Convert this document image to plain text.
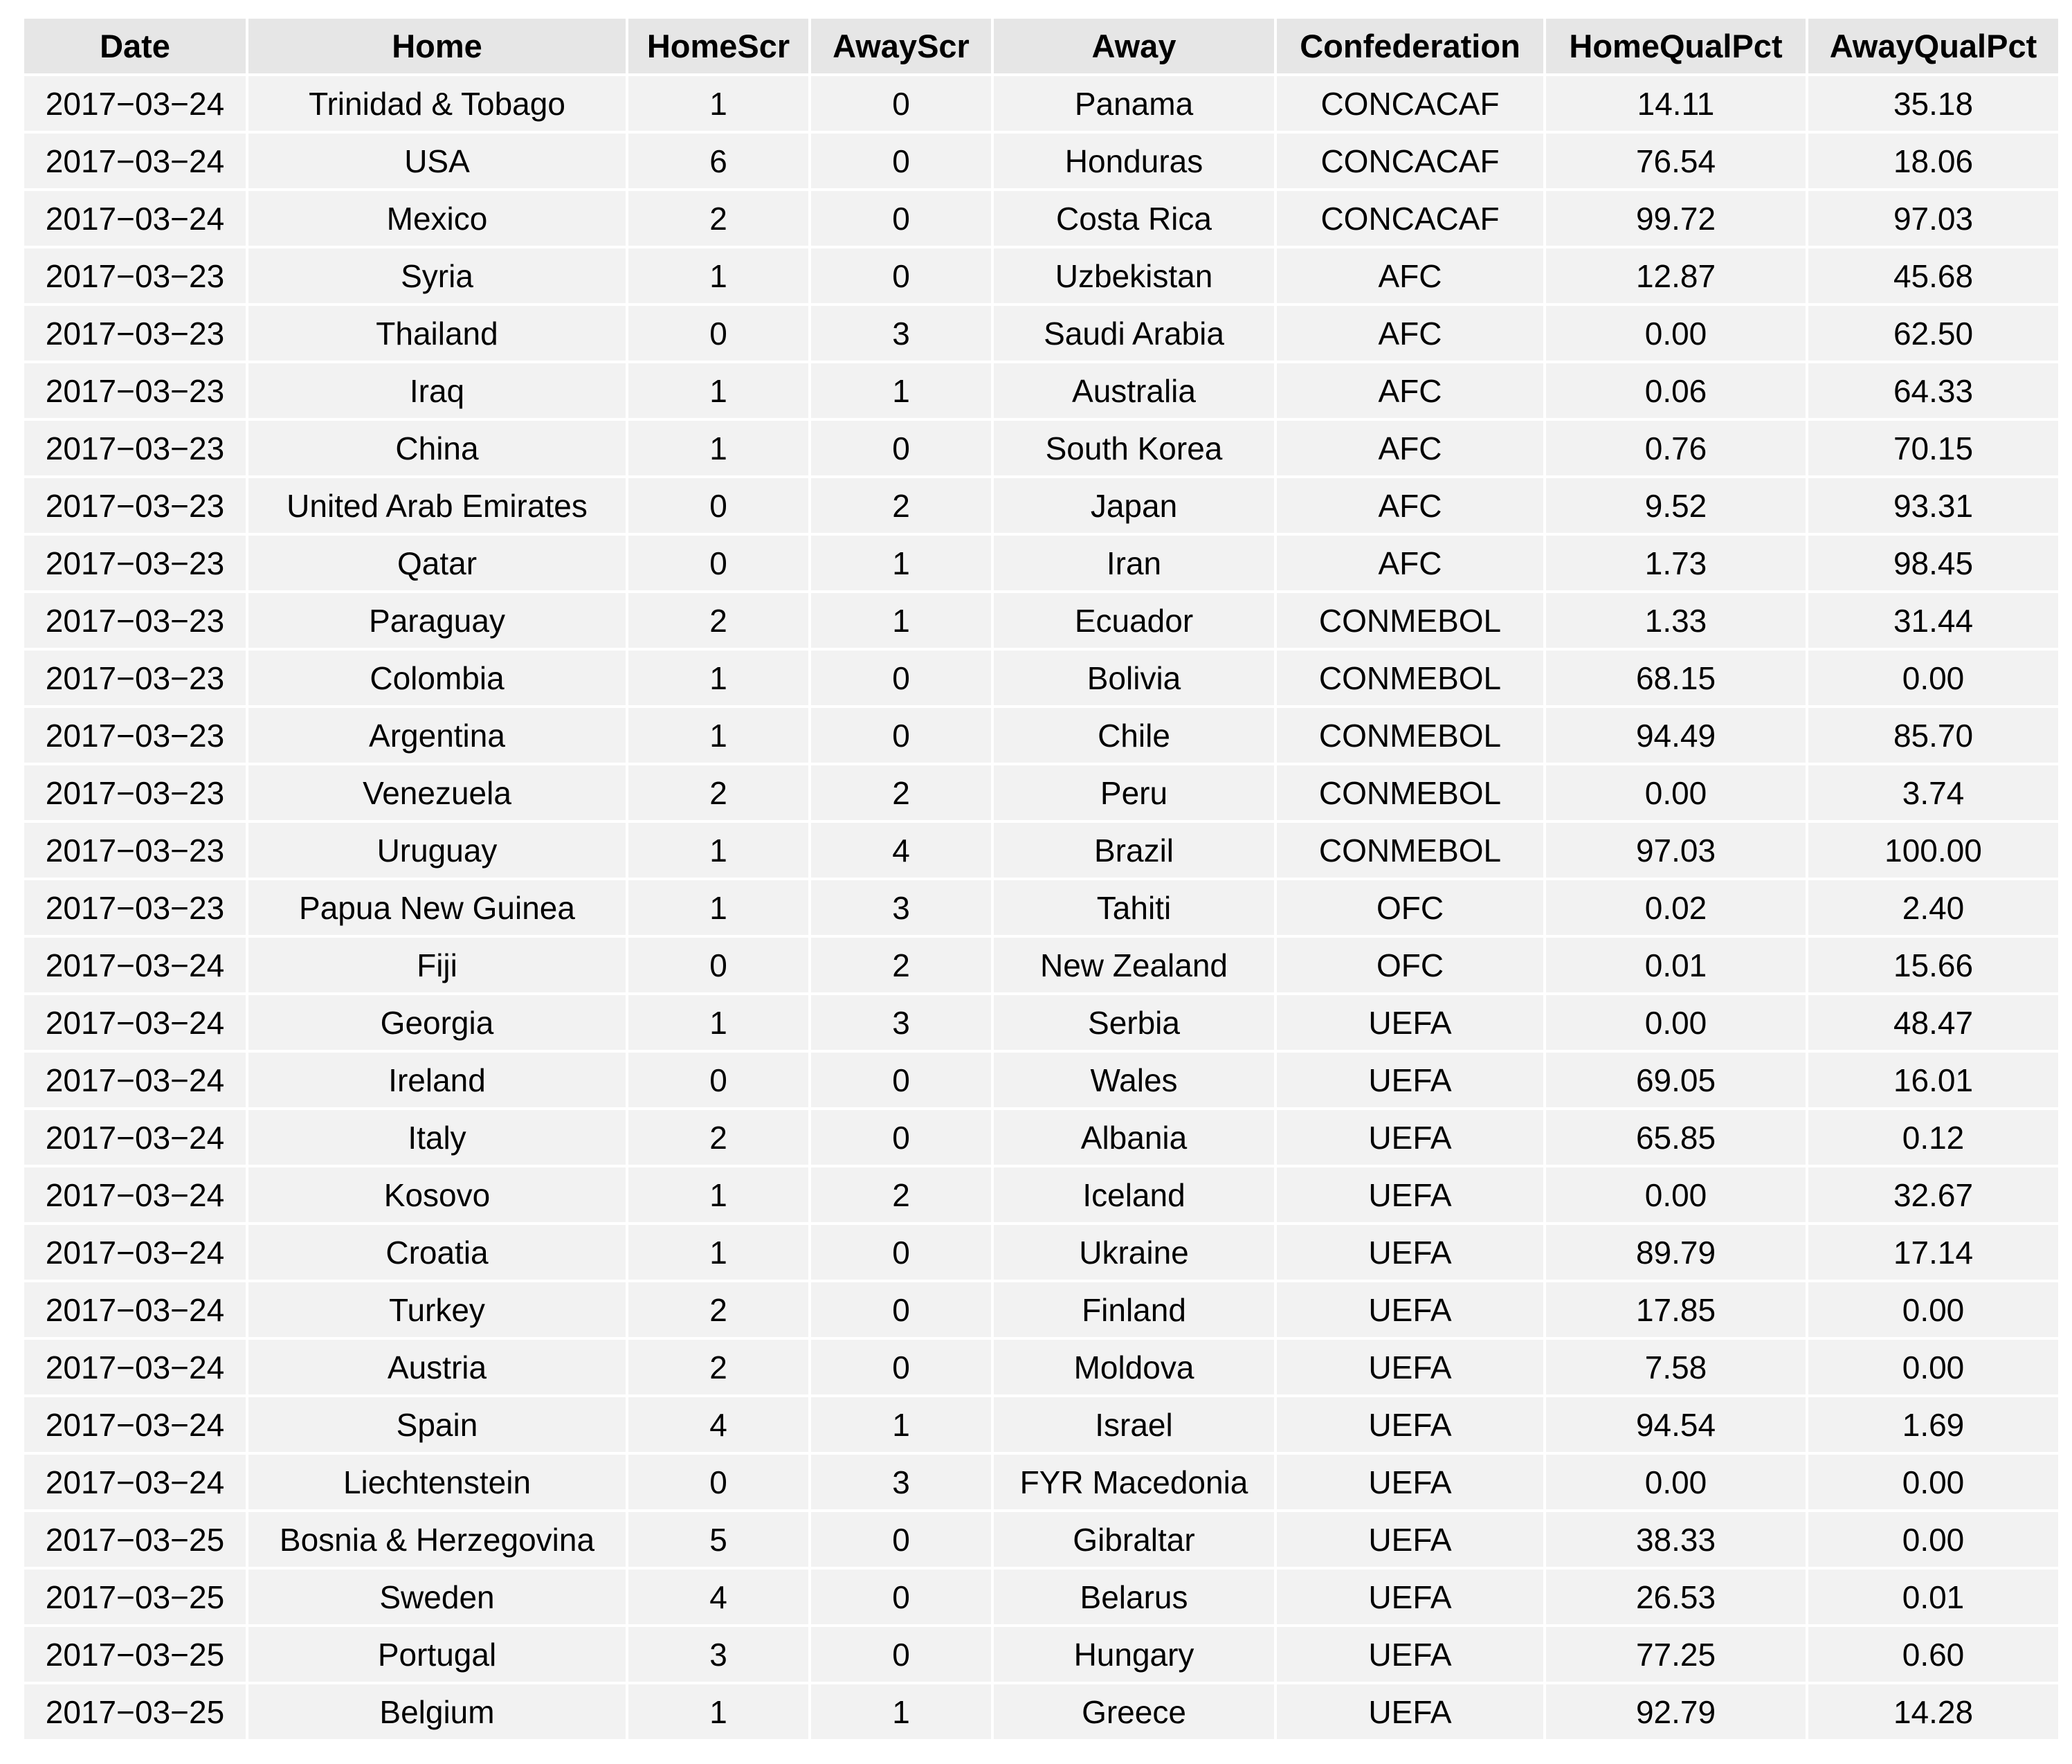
Date	Home	HomeScr	AwayScr	Away	Confederation	HomeQualPct	AwayQualPct
2017−03−24	Trinidad & Tobago	1	0	Panama	CONCACAF	14.11	35.18
2017−03−24	USA	6	0	Honduras	CONCACAF	76.54	18.06
2017−03−24	Mexico	2	0	Costa Rica	CONCACAF	99.72	97.03
2017−03−23	Syria	1	0	Uzbekistan	AFC	12.87	45.68
2017−03−23	Thailand	0	3	Saudi Arabia	AFC	0.00	62.50
2017−03−23	Iraq	1	1	Australia	AFC	0.06	64.33
2017−03−23	China	1	0	South Korea	AFC	0.76	70.15
2017−03−23	United Arab Emirates	0	2	Japan	AFC	9.52	93.31
2017−03−23	Qatar	0	1	Iran	AFC	1.73	98.45
2017−03−23	Paraguay	2	1	Ecuador	CONMEBOL	1.33	31.44
2017−03−23	Colombia	1	0	Bolivia	CONMEBOL	68.15	0.00
2017−03−23	Argentina	1	0	Chile	CONMEBOL	94.49	85.70
2017−03−23	Venezuela	2	2	Peru	CONMEBOL	0.00	3.74
2017−03−23	Uruguay	1	4	Brazil	CONMEBOL	97.03	100.00
2017−03−23	Papua New Guinea	1	3	Tahiti	OFC	0.02	2.40
2017−03−24	Fiji	0	2	New Zealand	OFC	0.01	15.66
2017−03−24	Georgia	1	3	Serbia	UEFA	0.00	48.47
2017−03−24	Ireland	0	0	Wales	UEFA	69.05	16.01
2017−03−24	Italy	2	0	Albania	UEFA	65.85	0.12
2017−03−24	Kosovo	1	2	Iceland	UEFA	0.00	32.67
2017−03−24	Croatia	1	0	Ukraine	UEFA	89.79	17.14
2017−03−24	Turkey	2	0	Finland	UEFA	17.85	0.00
2017−03−24	Austria	2	0	Moldova	UEFA	7.58	0.00
2017−03−24	Spain	4	1	Israel	UEFA	94.54	1.69
2017−03−24	Liechtenstein	0	3	FYR Macedonia	UEFA	0.00	0.00
2017−03−25	Bosnia & Herzegovina	5	0	Gibraltar	UEFA	38.33	0.00
2017−03−25	Sweden	4	0	Belarus	UEFA	26.53	0.01
2017−03−25	Portugal	3	0	Hungary	UEFA	77.25	0.60
2017−03−25	Belgium	1	1	Greece	UEFA	92.79	14.28
